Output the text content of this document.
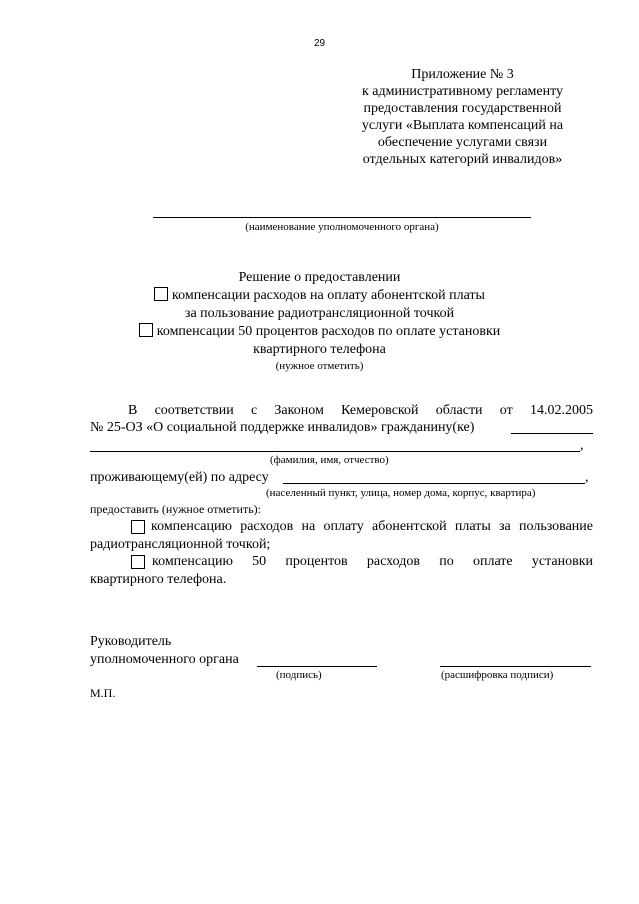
29
Приложение № 3
к административному регламенту
предоставления государственной
услуги «Выплата компенсаций на
обеспечение услугами связи
отдельных категорий инвалидов»
(наименование уполномоченного органа)
Решение о предоставлении
компенсации расходов на оплату абонентской платы
за пользование радиотрансляционной точкой
компенсации 50 процентов расходов по оплате установки
квартирного телефона
(нужное отметить)
В соответствии с Законом Кемеровской области от 14.02.2005
№ 25-ОЗ «О социальной поддержке инвалидов» гражданину(ке)
,
(фамилия, имя, отчество)
проживающему(ей) по адресу	,
(населенный пункт, улица, номер дома, корпус, квартира)
предоставить (нужное отметить):
компенсацию расходов на оплату абонентской платы за пользование
радиотрансляционной точкой;
компенсацию 50 процентов расходов по оплате установки
квартирного телефона.
Руководитель
уполномоченного органа
(подпись)	(расшифровка подписи)
М.П.
